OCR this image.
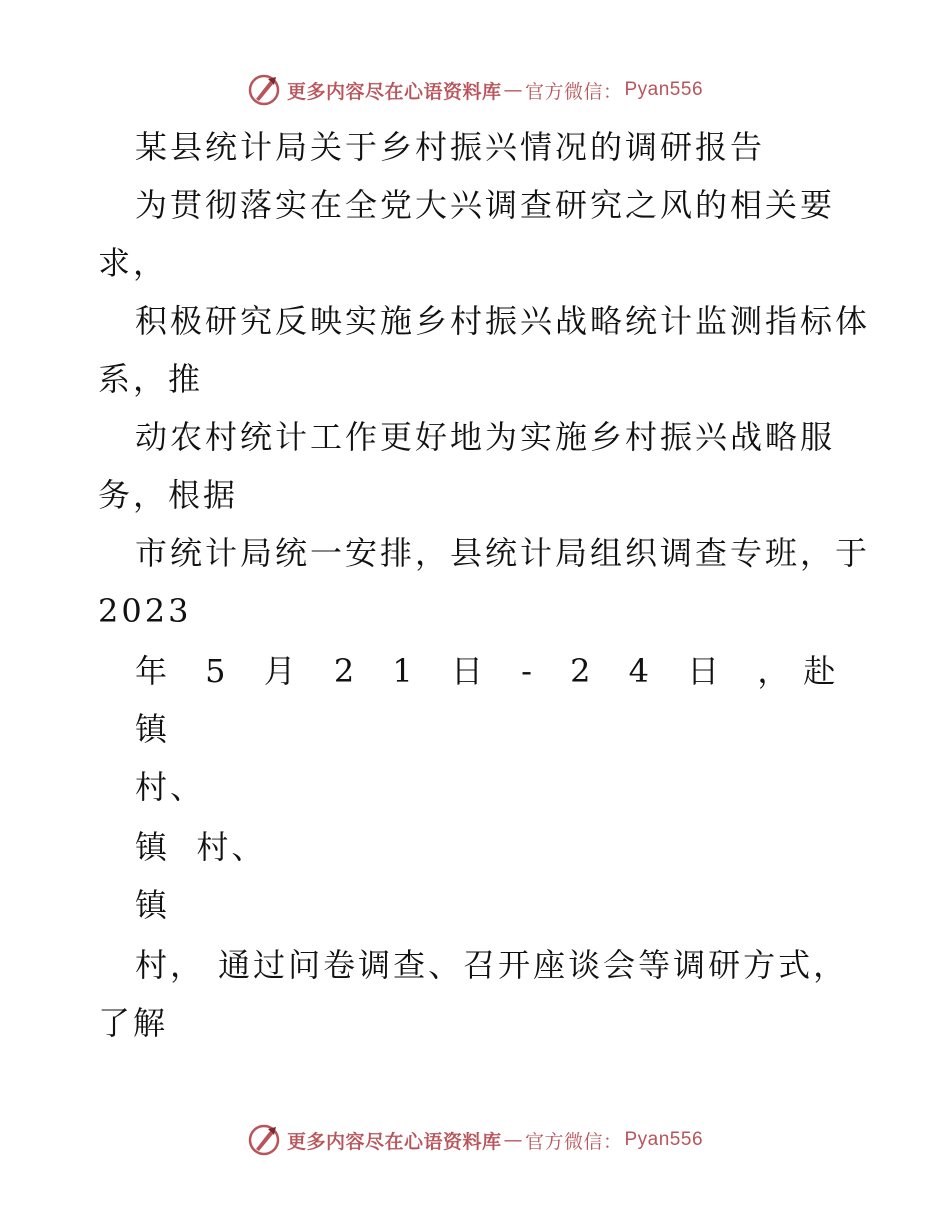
更多内容尽在心语资料库 — 官方微信： Pyan556
某县统计局关于乡村振兴情况的调研报告
为贯彻落实在全党大兴调查研究之风的相关要
求，
积极研究反映实施乡村振兴战略统计监测指标体
系，推
动农村统计工作更好地为实施乡村振兴战略服
务，根据
市统计局统一安排，县统计局组织调查专班，于
2023
年 5 月 2 1 日 - 2 4 日 ，赴
镇
村、
镇  村、
镇
村， 通过问卷调查、召开座谈会等调研方式，
了解
更多内容尽在心语资料库 — 官方微信： Pyan556
